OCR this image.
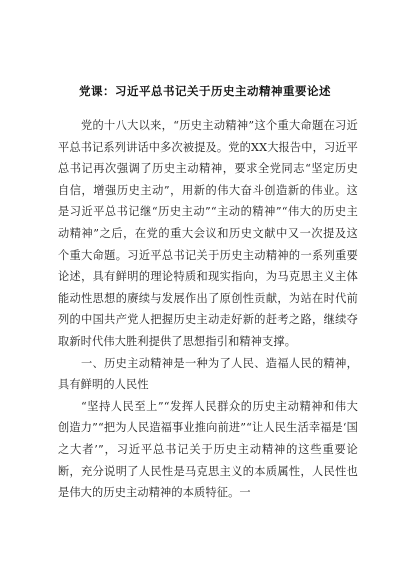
党课：习近平总书记关于历史主动精神重要论述

党的十八大以来，“历史主动精神”这个重大命题在习近平总书记系列讲话中多次被提及。党的XX大报告中，习近平总书记再次强调了历史主动精神，要求全党同志“坚定历史自信，增强历史主动”，用新的伟大奋斗创造新的伟业。这是习近平总书记继“历史主动”“主动的精神”“伟大的历史主动精神”之后，在党的重大会议和历史文献中又一次提及这个重大命题。习近平总书记关于历史主动精神的一系列重要论述，具有鲜明的理论特质和现实指向，为马克思主义主体能动性思想的赓续与发展作出了原创性贡献，为站在时代前列的中国共产党人把握历史主动走好新的赶考之路，继续夺取新时代伟大胜利提供了思想指引和精神支撑。

一、历史主动精神是一种为了人民、造福人民的精神，具有鲜明的人民性

“坚持人民至上”“发挥人民群众的历史主动精神和伟大创造力”“把为人民造福事业推向前进”“让人民生活幸福是‘国之大者’”，习近平总书记关于历史主动精神的这些重要论断，充分说明了人民性是马克思主义的本质属性，人民性也是伟大的历史主动精神的本质特征。一
